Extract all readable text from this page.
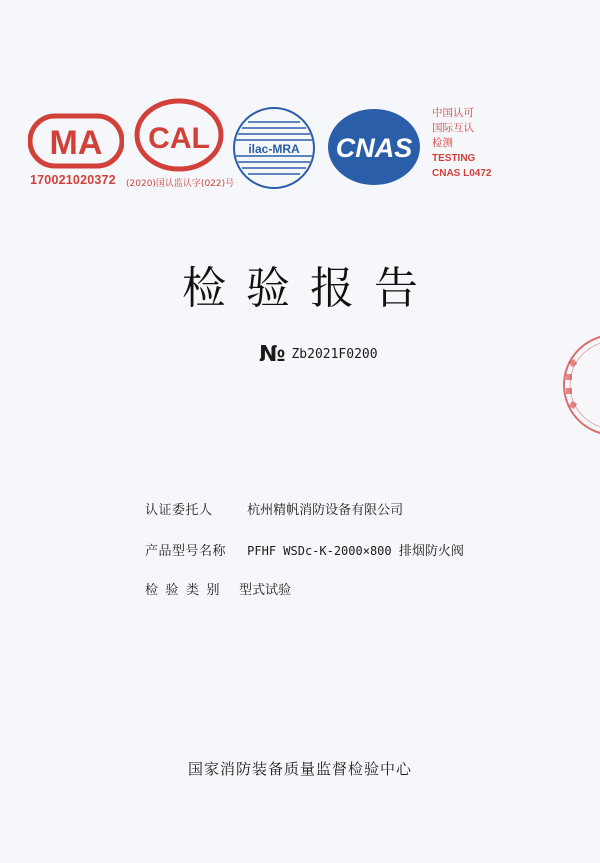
MA
170021020372
CAL
(2020)国认监认字(022)号
ilac-MRA CNAS
中国认可
国际互认
检测
TESTING
CNAS L0472
检验报告
№ Zb2021F0200
认证委托人	杭州精帆消防设备有限公司
产品型号名称 PFHF WSDc-K-2000×800 排烟防火阀
检验类别 型式试验
国家消防装备质量监督检验中心
